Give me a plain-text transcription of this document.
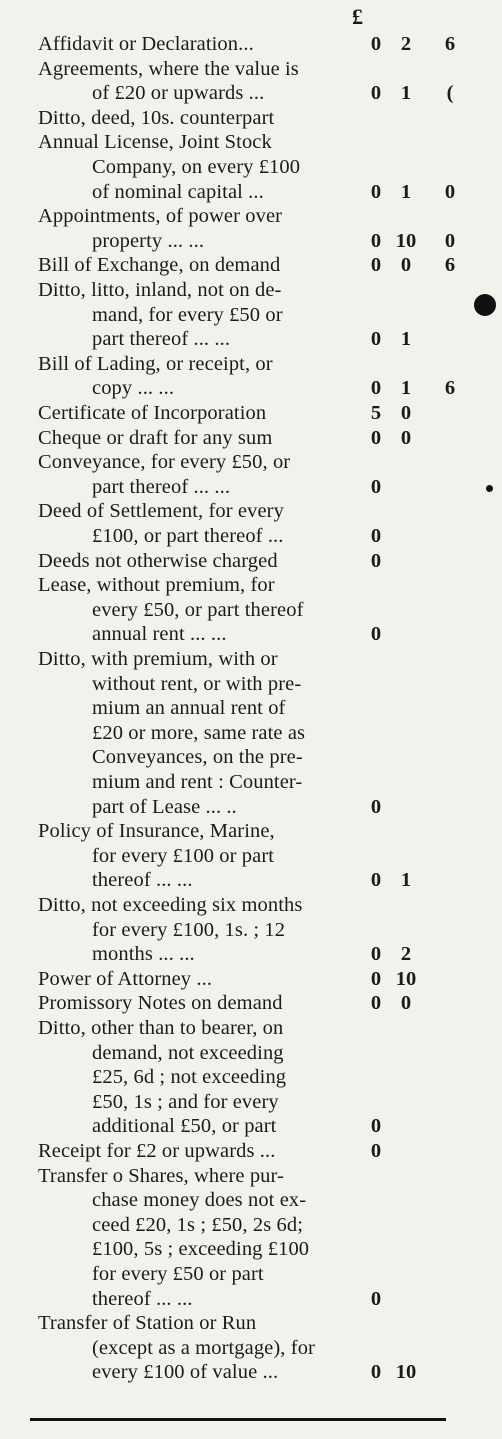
£
Affidavit or Declaration...	0 2	6
Agreements, where the value is
of £20 or upwards ...	0 1	(
Ditto, deed, 10s. counterpart
Annual License, Joint Stock
Company, on every £100
of nominal capital ...	0 1	0
Appointments, of power over
property ... ...	0 10	0
Bill of Exchange, on demand	0 0	6
Ditto, litto, inland, not on de-
mand, for every £50 or
part thereof ... ...	0 1
Bill of Lading, or receipt, or
copy ... ...	0 1	6
Certificate of Incorporation	5 0
Cheque or draft for any sum	0 0
Conveyance, for every £50, or
part thereof ... ...	0
Deed of Settlement, for every
£100, or part thereof ...	0
Deeds not otherwise charged	0
Lease, without premium, for
every £50, or part thereof
annual rent ... ...	0
Ditto, with premium, with or
without rent, or with pre-
mium an annual rent of
£20 or more, same rate as
Conveyances, on the pre-
mium and rent : Counter-
part of Lease ... ..	0
Policy of Insurance, Marine,
for every £100 or part
thereof ... ...	0 1
Ditto, not exceeding six months
for every £100, 1s. ; 12
months ... ...	0 2
Power of Attorney ...	0 10
Promissory Notes on demand	0 0
Ditto, other than to bearer, on
demand, not exceeding
£25, 6d ; not exceeding
£50, 1s ; and for every
additional £50, or part	0
Receipt for £2 or upwards ...	0
Transfer o Shares, where pur-
chase money does not ex-
ceed £20, 1s ; £50, 2s 6d;
£100, 5s ; exceeding £100
for every £50 or part
thereof ... ...	0
Transfer of Station or Run
(except as a mortgage), for
every £100 of value ...	0 10
